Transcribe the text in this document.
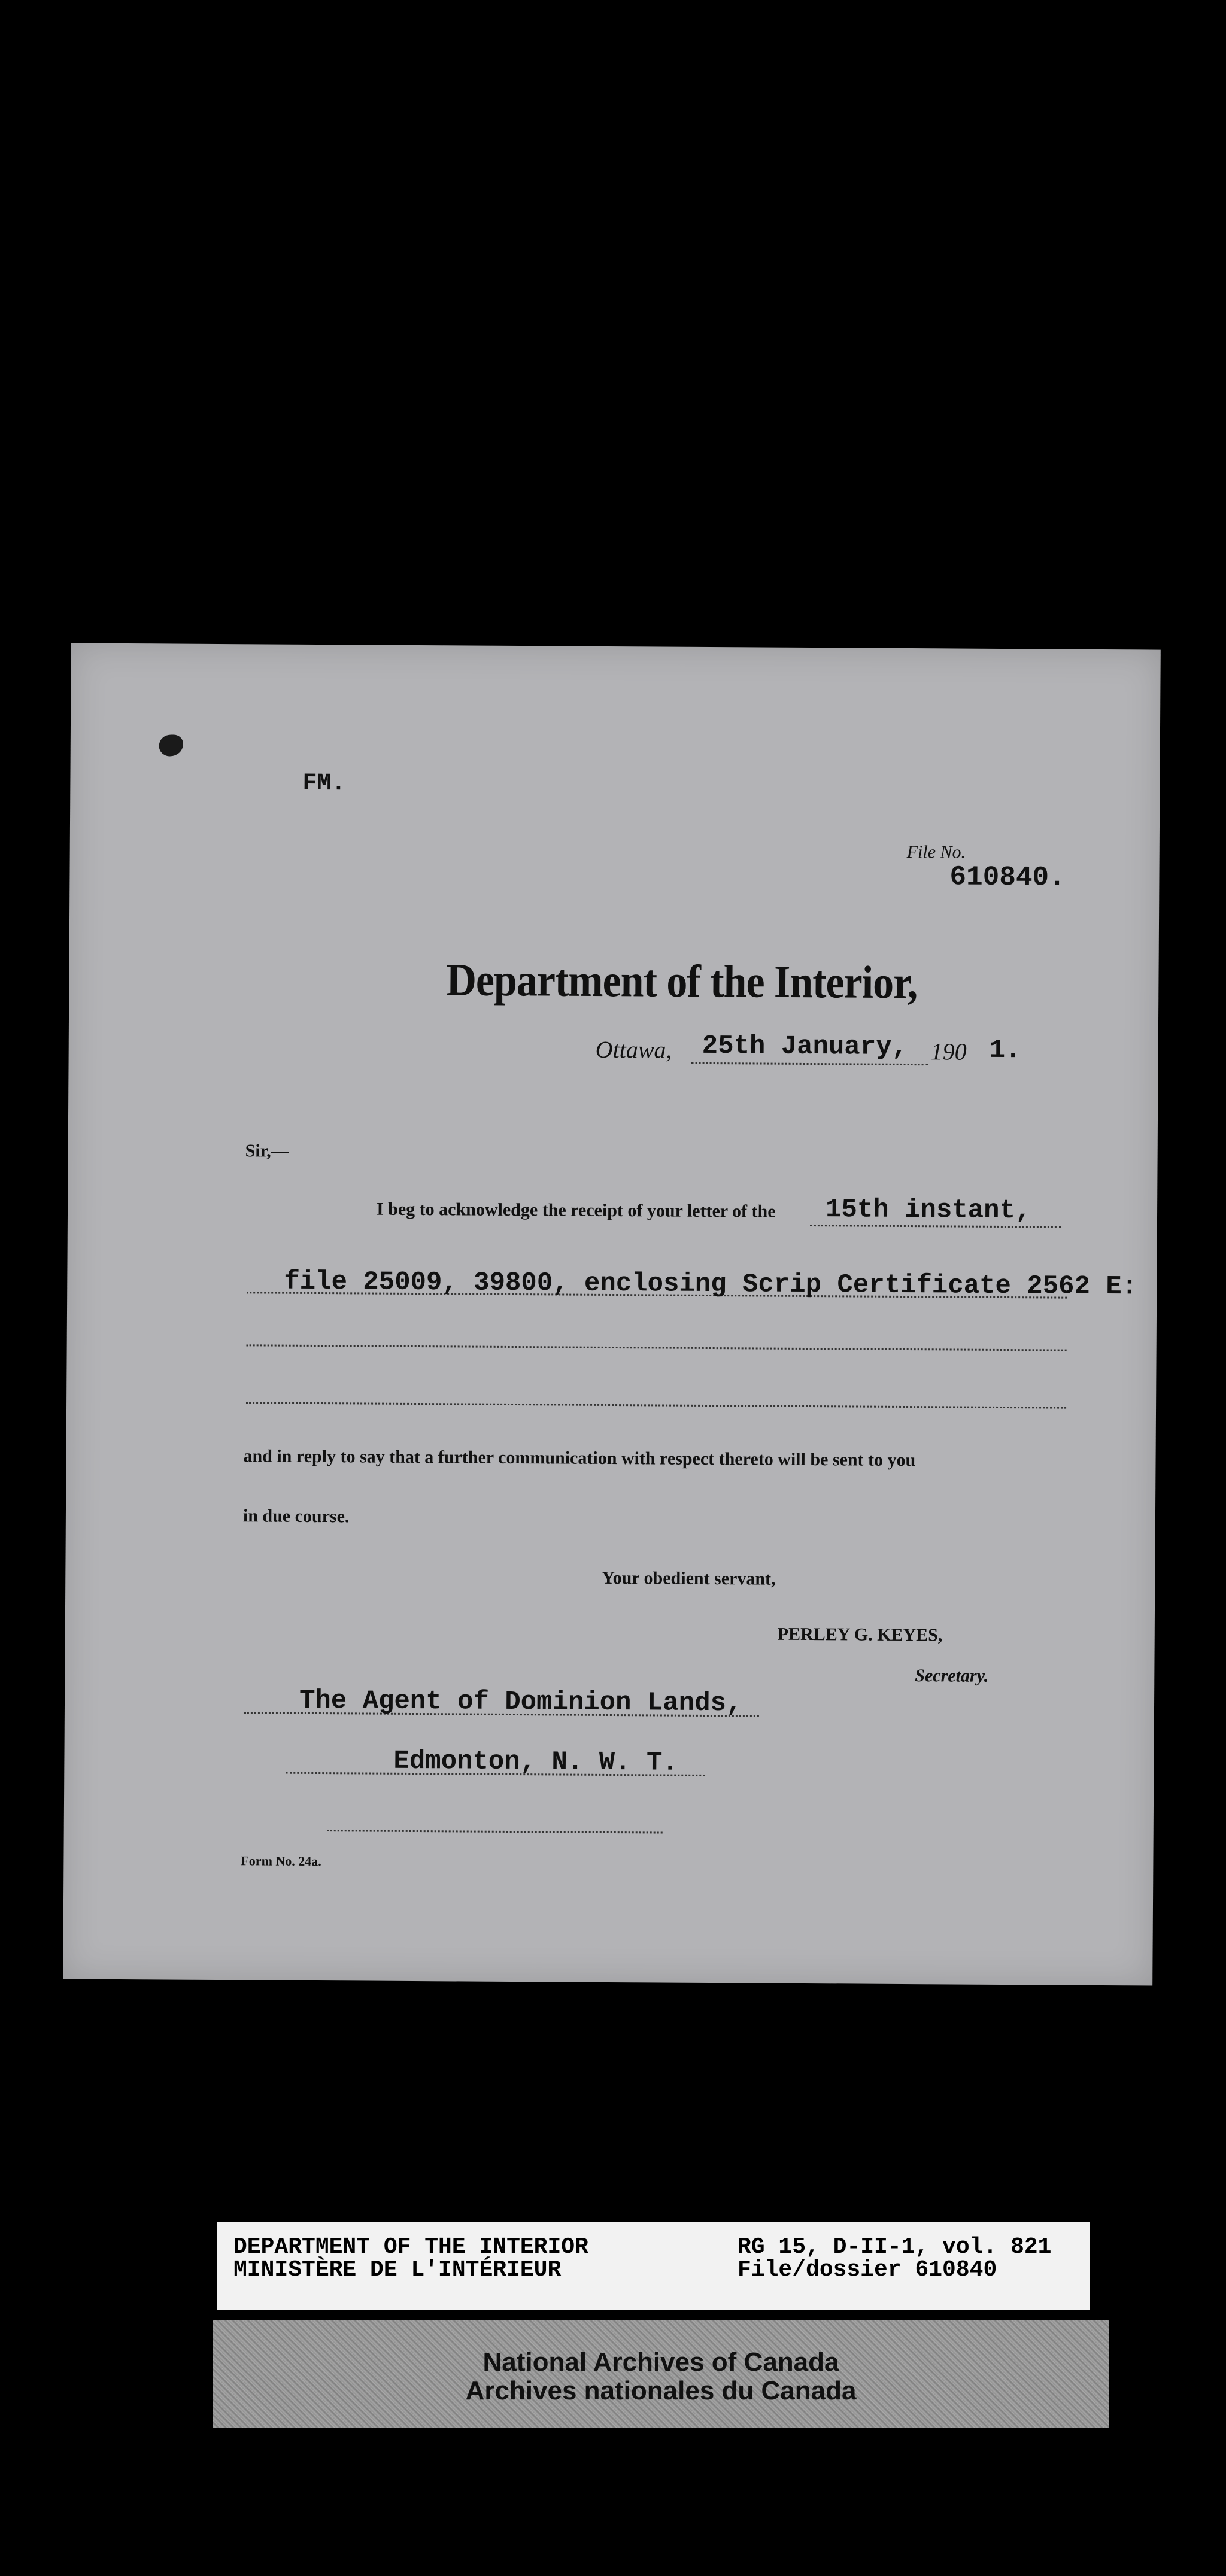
FM.
File No.
610840.
Department of the Interior,
Ottawa, 25th January, 190 1.
Sir,—
I beg to acknowledge the receipt of your letter of the 15th instant,
file 25009, 39800, enclosing Scrip Certificate 2562 E:
and in reply to say that a further communication with respect thereto will be sent to you
in due course.
Your obedient servant,
PERLEY G. KEYES,
Secretary.
The Agent of Dominion Lands,
Edmonton, N. W. T.
Form No. 24a.
DEPARTMENT OF THE INTERIOR
MINISTÈRE DE L'INTÉRIEUR
RG 15, D-II-1, vol. 821
File/dossier 610840
National Archives of Canada
Archives nationales du Canada
